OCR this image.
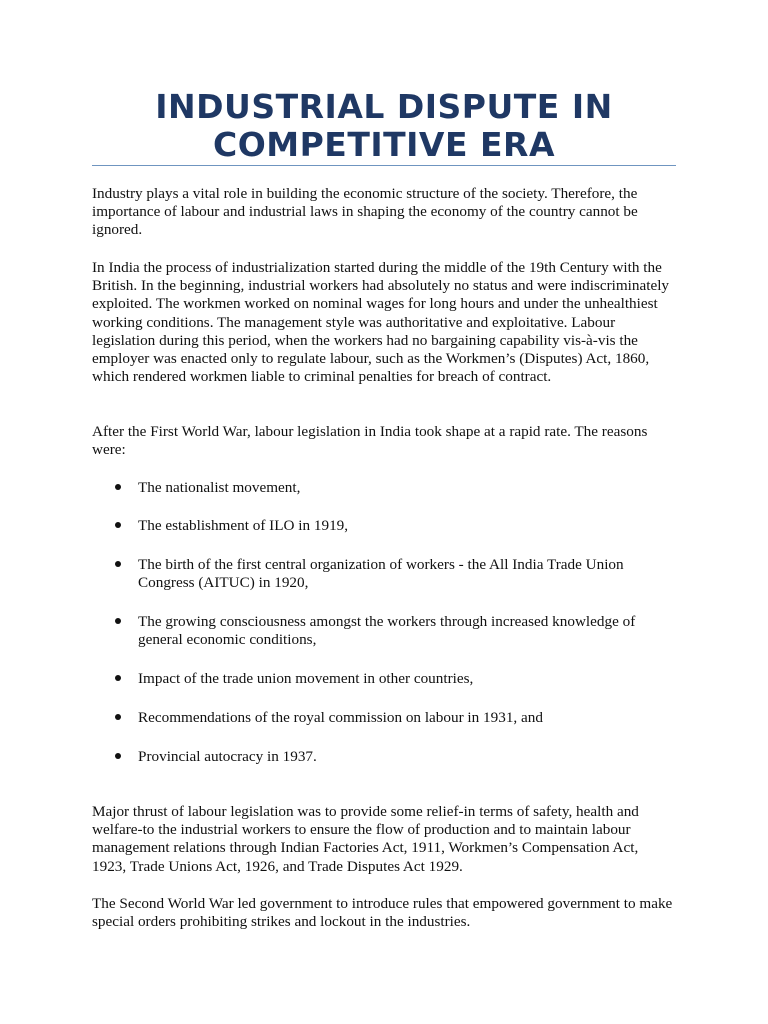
INDUSTRIAL DISPUTE IN
COMPETITIVE ERA

Industry plays a vital role in building the economic structure of the society. Therefore, the importance of labour and industrial laws in shaping the economy of the country cannot be ignored.

In India the process of industrialization started during the middle of the 19th Century with the British. In the beginning, industrial workers had absolutely no status and were indiscriminately exploited. The workmen worked on nominal wages for long hours and under the unhealthiest working conditions. The management style was authoritative and exploitative. Labour legislation during this period, when the workers had no bargaining capability vis-à-vis the employer was enacted only to regulate labour, such as the Workmen’s (Disputes) Act, 1860, which rendered workmen liable to criminal penalties for breach of contract.

After the First World War, labour legislation in India took shape at a rapid rate. The reasons were:

The nationalist movement,
The establishment of ILO in 1919,
The birth of the first central organization of workers - the All India Trade Union Congress (AITUC) in 1920,
The growing consciousness amongst the workers through increased knowledge of general economic conditions,
Impact of the trade union movement in other countries,
Recommendations of the royal commission on labour in 1931, and
Provincial autocracy in 1937.

Major thrust of labour legislation was to provide some relief-in terms of safety, health and welfare-to the industrial workers to ensure the flow of production and to maintain labour management relations through Indian Factories Act, 1911, Workmen’s Compensation Act, 1923, Trade Unions Act, 1926, and Trade Disputes Act 1929.

The Second World War led government to introduce rules that empowered government to make special orders prohibiting strikes and lockout in the industries.
